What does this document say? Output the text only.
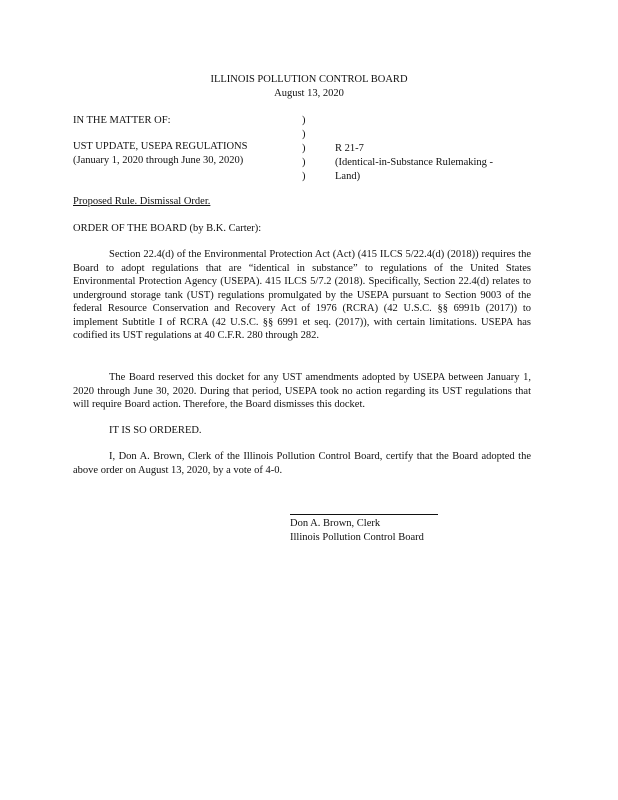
ILLINOIS POLLUTION CONTROL BOARD
August 13, 2020
IN THE MATTER OF:
UST UPDATE, USEPA REGULATIONS
(January 1, 2020 through June 30, 2020)
)
)
)
)
)
R 21-7
(Identical-in-Substance Rulemaking -
Land)
Proposed Rule. Dismissal Order.
ORDER OF THE BOARD (by B.K. Carter):
Section 22.4(d) of the Environmental Protection Act (Act) (415 ILCS 5/22.4(d) (2018)) requires the Board to adopt regulations that are “identical in substance” to regulations of the United States Environmental Protection Agency (USEPA). 415 ILCS 5/7.2 (2018). Specifically, Section 22.4(d) relates to underground storage tank (UST) regulations promulgated by the USEPA pursuant to Section 9003 of the federal Resource Conservation and Recovery Act of 1976 (RCRA) (42 U.S.C. §§ 6991b (2017)) to implement Subtitle I of RCRA (42 U.S.C. §§ 6991 et seq. (2017)), with certain limitations. USEPA has codified its UST regulations at 40 C.F.R. 280 through 282.
The Board reserved this docket for any UST amendments adopted by USEPA between January 1, 2020 through June 30, 2020. During that period, USEPA took no action regarding its UST regulations that will require Board action. Therefore, the Board dismisses this docket.
IT IS SO ORDERED.
I, Don A. Brown, Clerk of the Illinois Pollution Control Board, certify that the Board adopted the above order on August 13, 2020, by a vote of 4-0.
Don A. Brown, Clerk
Illinois Pollution Control Board
